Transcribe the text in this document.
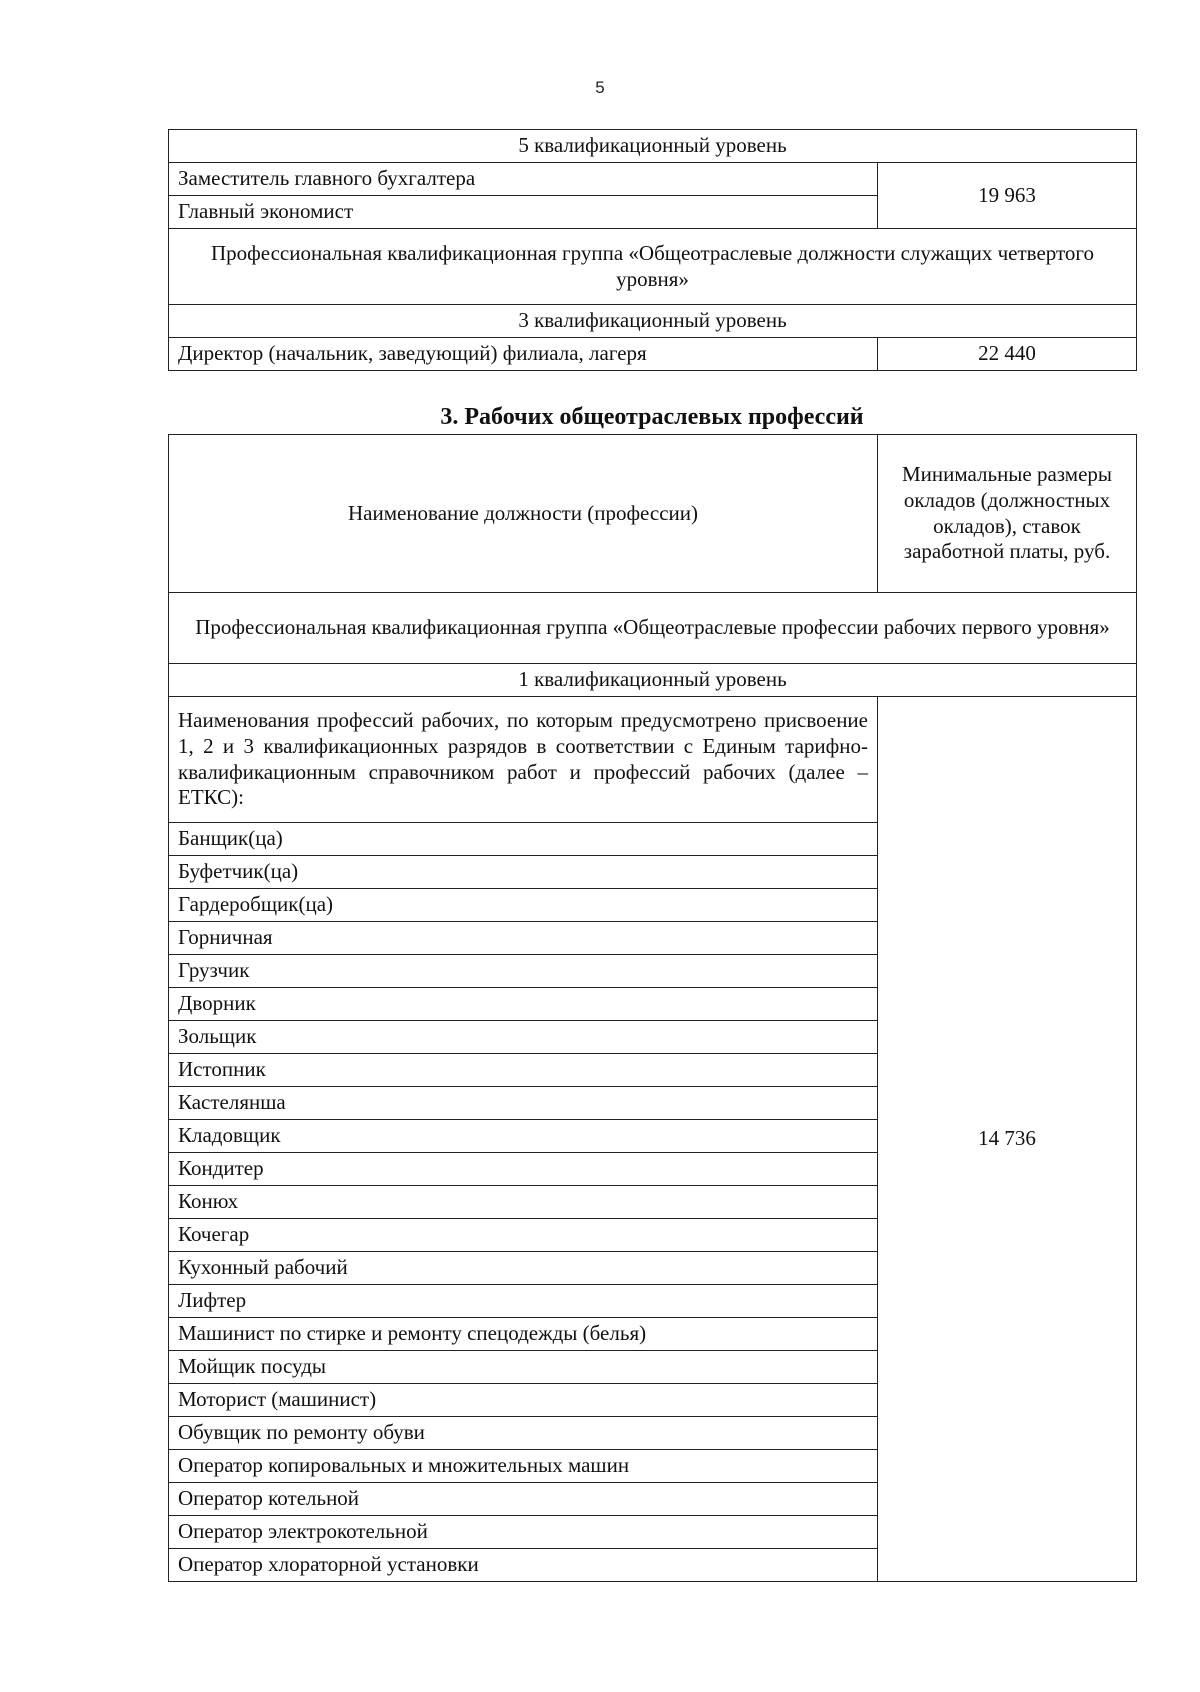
5
5 квалификационный уровень	
Заместитель главного бухгалтера	19 963
Главный экономист	
Профессиональная квалификационная группа «Общеотраслевые должности служащих четвертого уровня»	
3 квалификационный уровень	
Директор (начальник, заведующий) филиала, лагеря	22 440
3. Рабочих общеотраслевых профессий
Наименование должности (профессии)	Минимальные размеры окладов (должностных окладов), ставок заработной платы, руб.
Профессиональная квалификационная группа «Общеотраслевые профессии рабочих первого уровня»	
1 квалификационный уровень	
Наименования профессий рабочих, по которым предусмотрено присвоение 1, 2 и 3 квалификационных разрядов в соответствии с Единым тарифно-квалификационным справочником работ и профессий рабочих (далее – ЕТКС):	14 736
Банщик(ца)	
Буфетчик(ца)	
Гардеробщик(ца)	
Горничная	
Грузчик	
Дворник	
Зольщик	
Истопник	
Кастелянша	
Кладовщик	
Кондитер	
Конюх	
Кочегар	
Кухонный рабочий	
Лифтер	
Машинист по стирке и ремонту спецодежды (белья)	
Мойщик посуды	
Моторист (машинист)	
Обувщик по ремонту обуви	
Оператор копировальных и множительных машин	
Оператор котельной	
Оператор электрокотельной	
Оператор хлораторной установки	
